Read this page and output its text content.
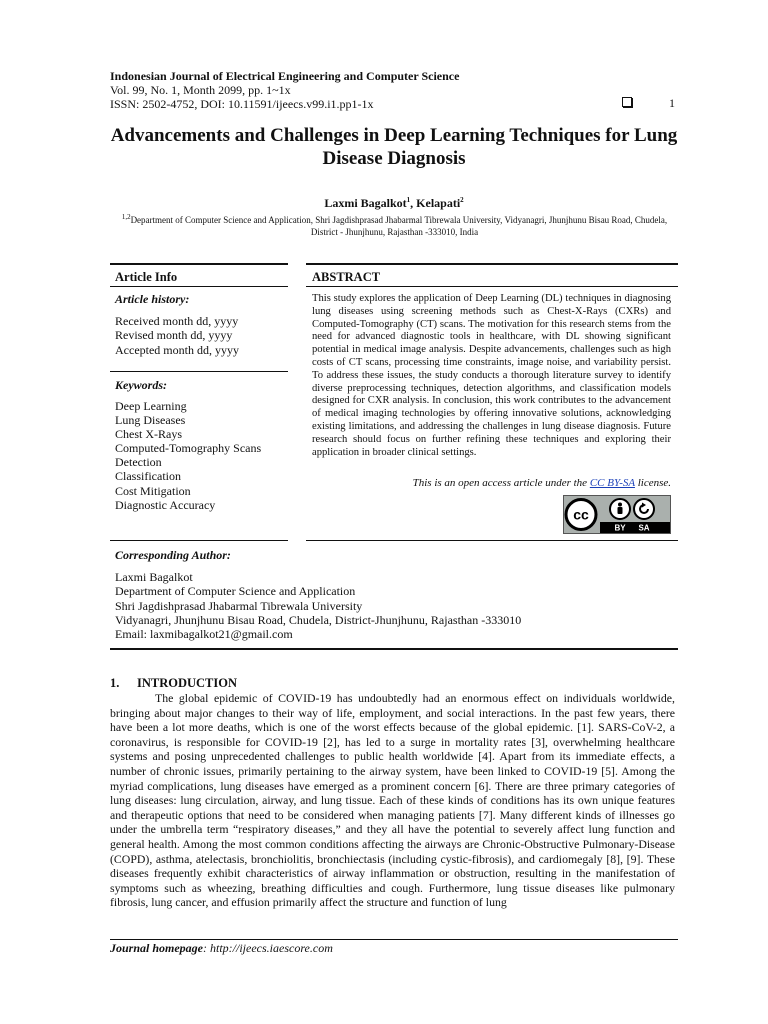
Indonesian Journal of Electrical Engineering and Computer Science
Vol. 99, No. 1, Month 2099, pp. 1~1x
ISSN: 2502-4752, DOI: 10.11591/ijeecs.v99.i1.pp1-1x	1
Advancements and Challenges in Deep Learning Techniques for Lung Disease Diagnosis
Laxmi Bagalkot$^1$, Kelapati$^2$
$^{1,2}$Department of Computer Science and Application, Shri Jagdishprasad Jhabarmal Tibrewala University, Vidyanagri, Jhunjhunu Bisau Road, Chudela, District - Jhunjhunu, Rajasthan -333010, India
Article Info
Article history:
Received month dd, yyyy
Revised month dd, yyyy
Accepted month dd, yyyy
Keywords:
Deep Learning
Lung Diseases
Chest X-Rays
Computed-Tomography Scans
Detection
Classification
Cost Mitigation
Diagnostic Accuracy
ABSTRACT
This study explores the application of Deep Learning (DL) techniques in diagnosing lung diseases using screening methods such as Chest-X-Rays (CXRs) and Computed-Tomography (CT) scans. The motivation for this research stems from the need for advanced diagnostic tools in healthcare, with DL showing significant potential in medical image analysis. Despite advancements, challenges such as high costs of CT scans, processing time constraints, image noise, and variability persist. To address these issues, the study conducts a thorough literature survey to identify diverse preprocessing techniques, detection algorithms, and classification models designed for CXR analysis. In conclusion, this work contributes to the advancement of medical imaging technologies by offering innovative solutions, acknowledging existing limitations, and addressing the challenges in lung disease diagnosis. Future research should focus on further refining these techniques and exploring their application in broader clinical settings.
This is an open access article under the CC BY-SA license.
cc
BY SA
Corresponding Author:
Laxmi Bagalkot
Department of Computer Science and Application
Shri Jagdishprasad Jhabarmal Tibrewala University
Vidyanagri, Jhunjhunu Bisau Road, Chudela, District-Jhunjhunu, Rajasthan -333010
Email: laxmibagalkot21@gmail.com
1. INTRODUCTION
The global epidemic of COVID-19 has undoubtedly had an enormous effect on individuals worldwide, bringing about major changes to their way of life, employment, and social interactions. In the past few years, there have been a lot more deaths, which is one of the worst effects because of the global epidemic. [1]. SARS-CoV-2, a coronavirus, is responsible for COVID-19 [2], has led to a surge in mortality rates [3], overwhelming healthcare systems and posing unprecedented challenges to public health worldwide [4]. Apart from its immediate effects, a number of chronic issues, primarily pertaining to the airway system, have been linked to COVID-19 [5]. Among the myriad complications, lung diseases have emerged as a prominent concern [6]. There are three primary categories of lung diseases: lung circulation, airway, and lung tissue. Each of these kinds of conditions has its own unique features and therapeutic options that need to be considered when managing patients [7]. Many different kinds of illnesses go under the umbrella term “respiratory diseases,” and they all have the potential to severely affect lung function and general health. Among the most common conditions affecting the airways are Chronic-Obstructive Pulmonary-Disease (COPD), asthma, atelectasis, bronchiolitis, bronchiectasis (including cystic-fibrosis), and cardiomegaly [8], [9]. These diseases frequently exhibit characteristics of airway inflammation or obstruction, resulting in the manifestation of symptoms such as wheezing, breathing difficulties and cough. Furthermore, lung tissue diseases like pulmonary fibrosis, lung cancer, and effusion primarily affect the structure and function of lung
Journal homepage: http://ijeecs.iaescore.com
